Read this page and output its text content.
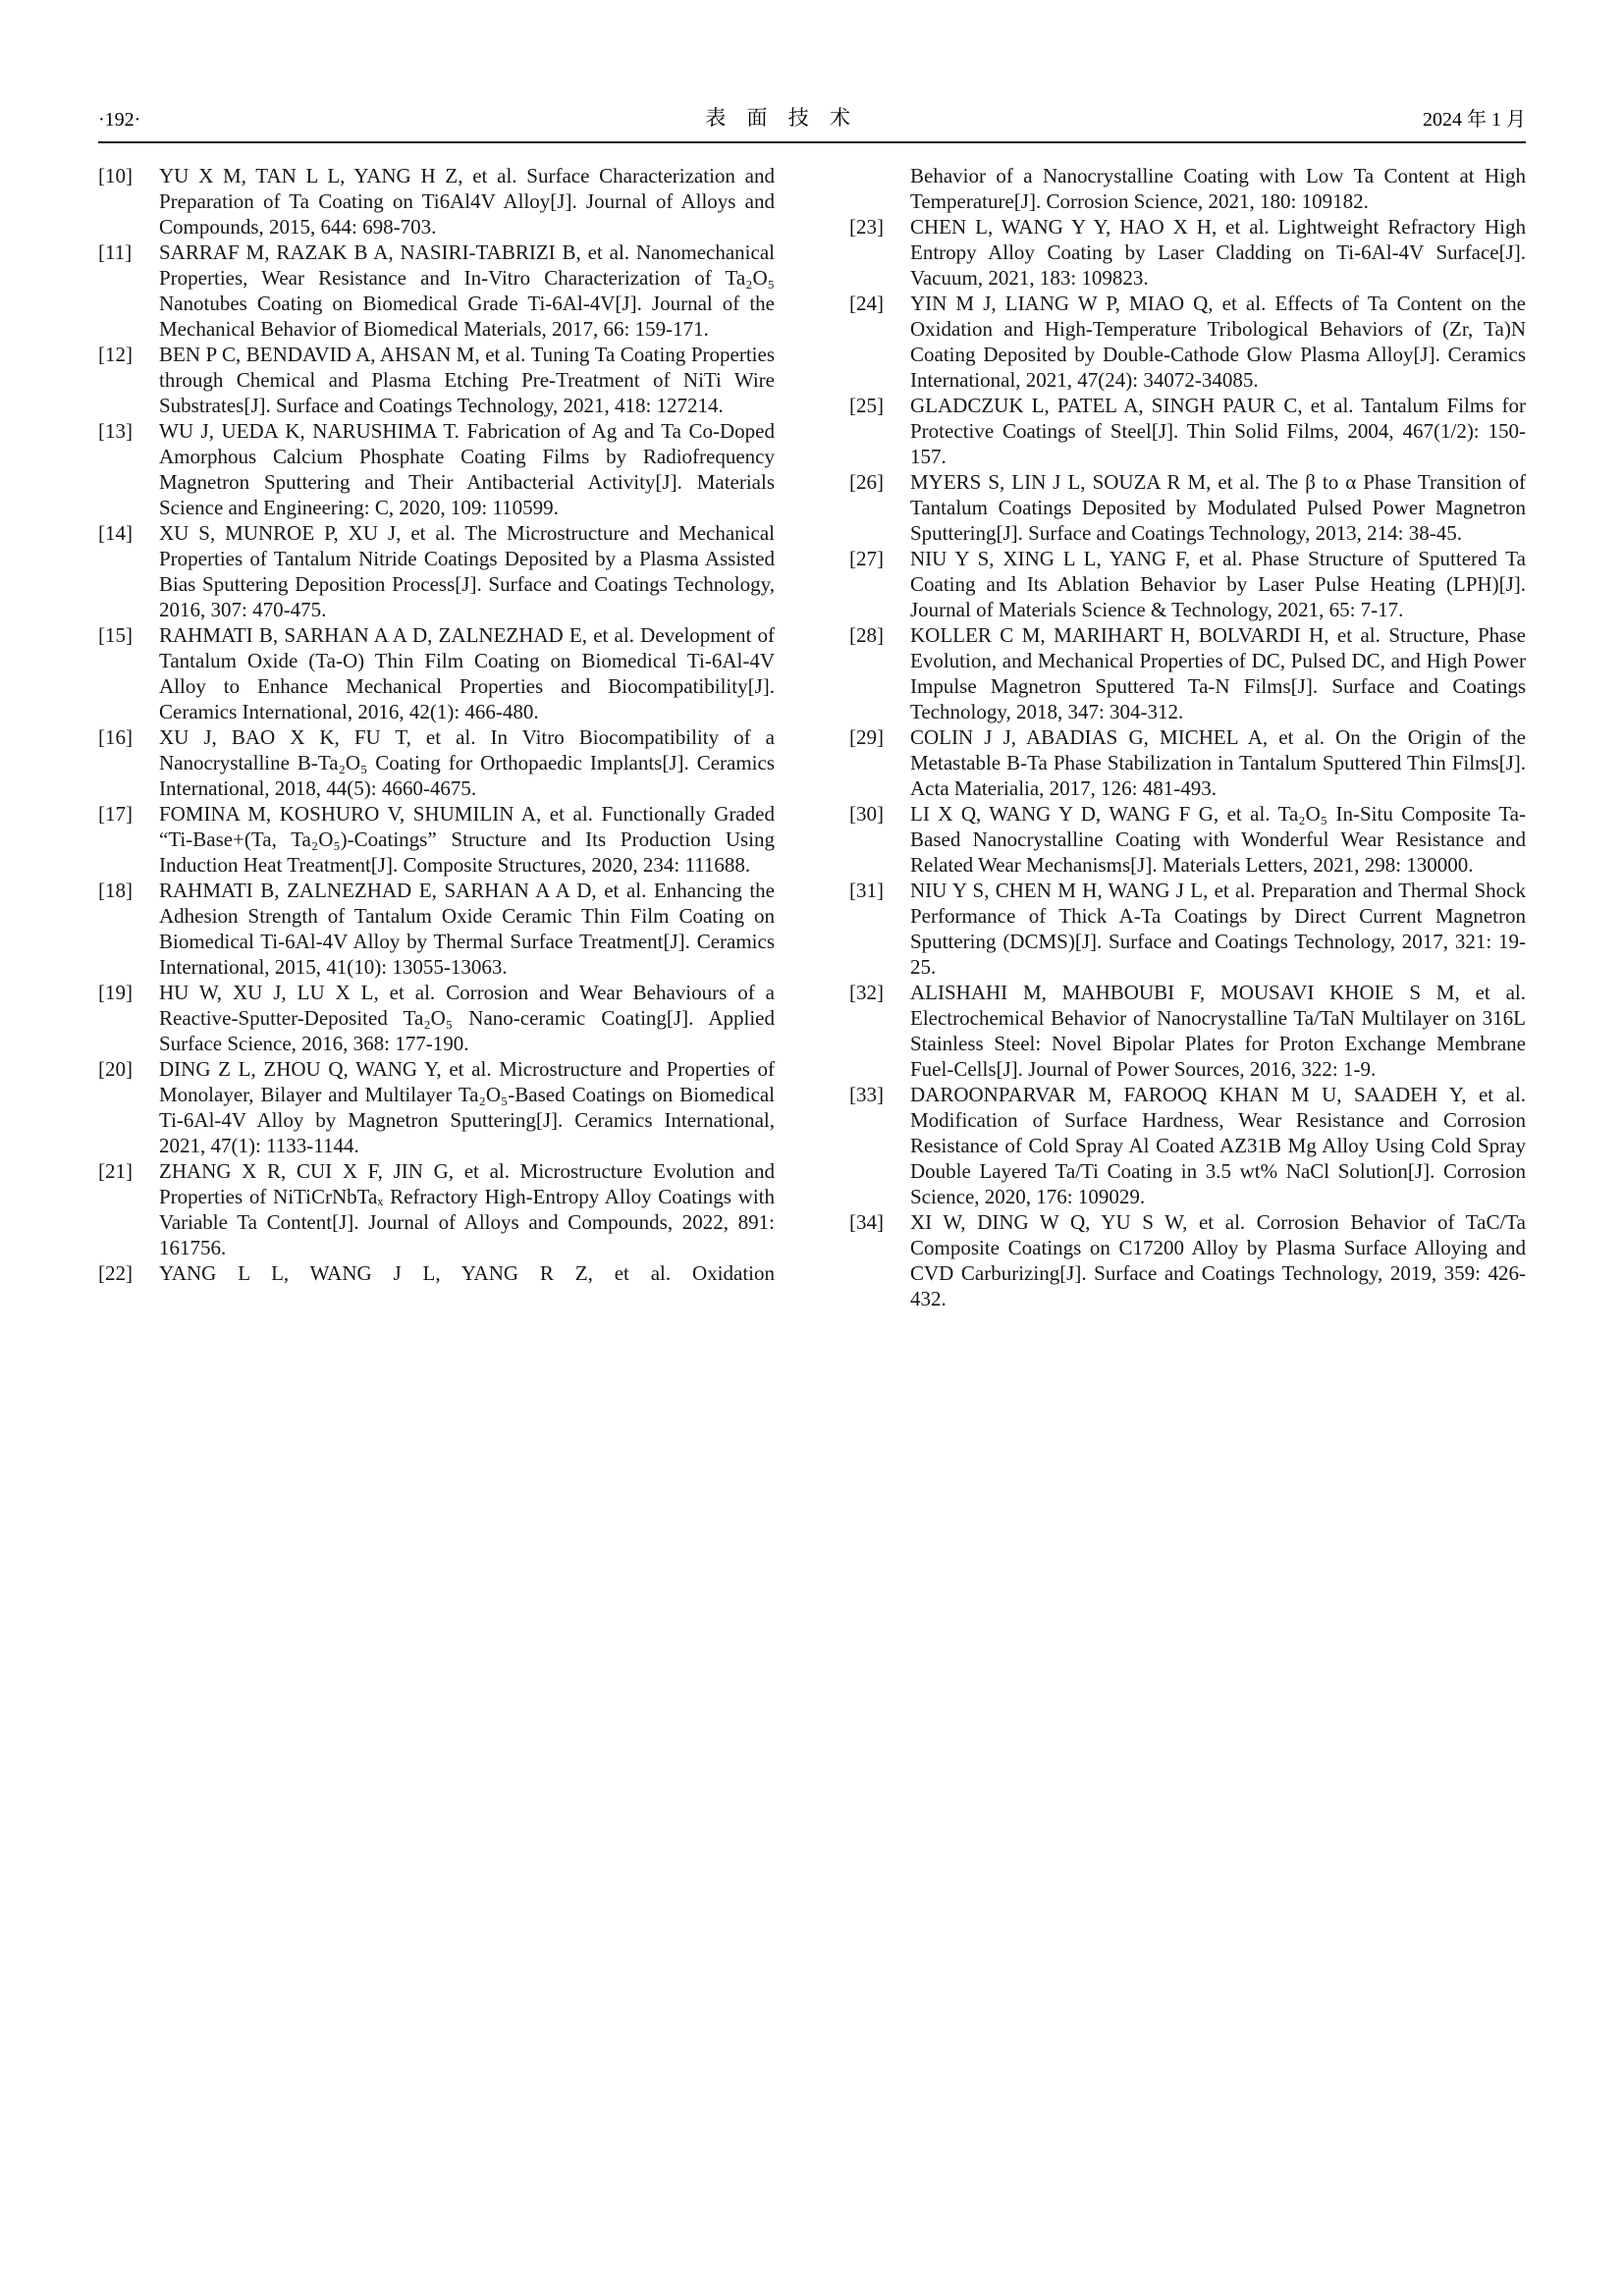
·192·	表 面 技 术	2024 年 1 月
[10] YU X M, TAN L L, YANG H Z, et al. Surface Characterization and Preparation of Ta Coating on Ti6Al4V Alloy[J]. Journal of Alloys and Compounds, 2015, 644: 698-703.
[11] SARRAF M, RAZAK B A, NASIRI-TABRIZI B, et al. Nanomechanical Properties, Wear Resistance and In-Vitro Characterization of Ta₂O₅ Nanotubes Coating on Biomedical Grade Ti-6Al-4V[J]. Journal of the Mechanical Behavior of Biomedical Materials, 2017, 66: 159-171.
[12] BEN P C, BENDAVID A, AHSAN M, et al. Tuning Ta Coating Properties through Chemical and Plasma Etching Pre-Treatment of NiTi Wire Substrates[J]. Surface and Coatings Technology, 2021, 418: 127214.
[13] WU J, UEDA K, NARUSHIMA T. Fabrication of Ag and Ta Co-Doped Amorphous Calcium Phosphate Coating Films by Radiofrequency Magnetron Sputtering and Their Antibacterial Activity[J]. Materials Science and Engineering: C, 2020, 109: 110599.
[14] XU S, MUNROE P, XU J, et al. The Microstructure and Mechanical Properties of Tantalum Nitride Coatings Deposited by a Plasma Assisted Bias Sputtering Deposition Process[J]. Surface and Coatings Technology, 2016, 307: 470-475.
[15] RAHMATI B, SARHAN A A D, ZALNEZHAD E, et al. Development of Tantalum Oxide (Ta-O) Thin Film Coating on Biomedical Ti-6Al-4V Alloy to Enhance Mechanical Properties and Biocompatibility[J]. Ceramics International, 2016, 42(1): 466-480.
[16] XU J, BAO X K, FU T, et al. In Vitro Biocompatibility of a Nanocrystalline B-Ta₂O₅ Coating for Orthopaedic Implants[J]. Ceramics International, 2018, 44(5): 4660-4675.
[17] FOMINA M, KOSHURO V, SHUMILIN A, et al. Functionally Graded “Ti-Base+(Ta, Ta₂O₅)-Coatings” Structure and Its Production Using Induction Heat Treatment[J]. Composite Structures, 2020, 234: 111688.
[18] RAHMATI B, ZALNEZHAD E, SARHAN A A D, et al. Enhancing the Adhesion Strength of Tantalum Oxide Ceramic Thin Film Coating on Biomedical Ti-6Al-4V Alloy by Thermal Surface Treatment[J]. Ceramics International, 2015, 41(10): 13055-13063.
[19] HU W, XU J, LU X L, et al. Corrosion and Wear Behaviours of a Reactive-Sputter-Deposited Ta₂O₅ Nano-ceramic Coating[J]. Applied Surface Science, 2016, 368: 177-190.
[20] DING Z L, ZHOU Q, WANG Y, et al. Microstructure and Properties of Monolayer, Bilayer and Multilayer Ta₂O₅-Based Coatings on Biomedical Ti-6Al-4V Alloy by Magnetron Sputtering[J]. Ceramics International, 2021, 47(1): 1133-1144.
[21] ZHANG X R, CUI X F, JIN G, et al. Microstructure Evolution and Properties of NiTiCrNbTaₓ Refractory High-Entropy Alloy Coatings with Variable Ta Content[J]. Journal of Alloys and Compounds, 2022, 891: 161756.
[22] YANG L L, WANG J L, YANG R Z, et al. Oxidation
Behavior of a Nanocrystalline Coating with Low Ta Content at High Temperature[J]. Corrosion Science, 2021, 180: 109182.
[23] CHEN L, WANG Y Y, HAO X H, et al. Lightweight Refractory High Entropy Alloy Coating by Laser Cladding on Ti-6Al-4V Surface[J]. Vacuum, 2021, 183: 109823.
[24] YIN M J, LIANG W P, MIAO Q, et al. Effects of Ta Content on the Oxidation and High-Temperature Tribological Behaviors of (Zr, Ta)N Coating Deposited by Double-Cathode Glow Plasma Alloy[J]. Ceramics International, 2021, 47(24): 34072-34085.
[25] GLADCZUK L, PATEL A, SINGH PAUR C, et al. Tantalum Films for Protective Coatings of Steel[J]. Thin Solid Films, 2004, 467(1/2): 150-157.
[26] MYERS S, LIN J L, SOUZA R M, et al. The β to α Phase Transition of Tantalum Coatings Deposited by Modulated Pulsed Power Magnetron Sputtering[J]. Surface and Coatings Technology, 2013, 214: 38-45.
[27] NIU Y S, XING L L, YANG F, et al. Phase Structure of Sputtered Ta Coating and Its Ablation Behavior by Laser Pulse Heating (LPH)[J]. Journal of Materials Science & Technology, 2021, 65: 7-17.
[28] KOLLER C M, MARIHART H, BOLVARDI H, et al. Structure, Phase Evolution, and Mechanical Properties of DC, Pulsed DC, and High Power Impulse Magnetron Sputtered Ta-N Films[J]. Surface and Coatings Technology, 2018, 347: 304-312.
[29] COLIN J J, ABADIAS G, MICHEL A, et al. On the Origin of the Metastable B-Ta Phase Stabilization in Tantalum Sputtered Thin Films[J]. Acta Materialia, 2017, 126: 481-493.
[30] LI X Q, WANG Y D, WANG F G, et al. Ta₂O₅ In-Situ Composite Ta-Based Nanocrystalline Coating with Wonderful Wear Resistance and Related Wear Mechanisms[J]. Materials Letters, 2021, 298: 130000.
[31] NIU Y S, CHEN M H, WANG J L, et al. Preparation and Thermal Shock Performance of Thick A-Ta Coatings by Direct Current Magnetron Sputtering (DCMS)[J]. Surface and Coatings Technology, 2017, 321: 19-25.
[32] ALISHAHI M, MAHBOUBI F, MOUSAVI KHOIE S M, et al. Electrochemical Behavior of Nanocrystalline Ta/TaN Multilayer on 316L Stainless Steel: Novel Bipolar Plates for Proton Exchange Membrane Fuel-Cells[J]. Journal of Power Sources, 2016, 322: 1-9.
[33] DAROONPARVAR M, FAROOQ KHAN M U, SAADEH Y, et al. Modification of Surface Hardness, Wear Resistance and Corrosion Resistance of Cold Spray Al Coated AZ31B Mg Alloy Using Cold Spray Double Layered Ta/Ti Coating in 3.5 wt% NaCl Solution[J]. Corrosion Science, 2020, 176: 109029.
[34] XI W, DING W Q, YU S W, et al. Corrosion Behavior of TaC/Ta Composite Coatings on C17200 Alloy by Plasma Surface Alloying and CVD Carburizing[J]. Surface and Coatings Technology, 2019, 359: 426-432.
